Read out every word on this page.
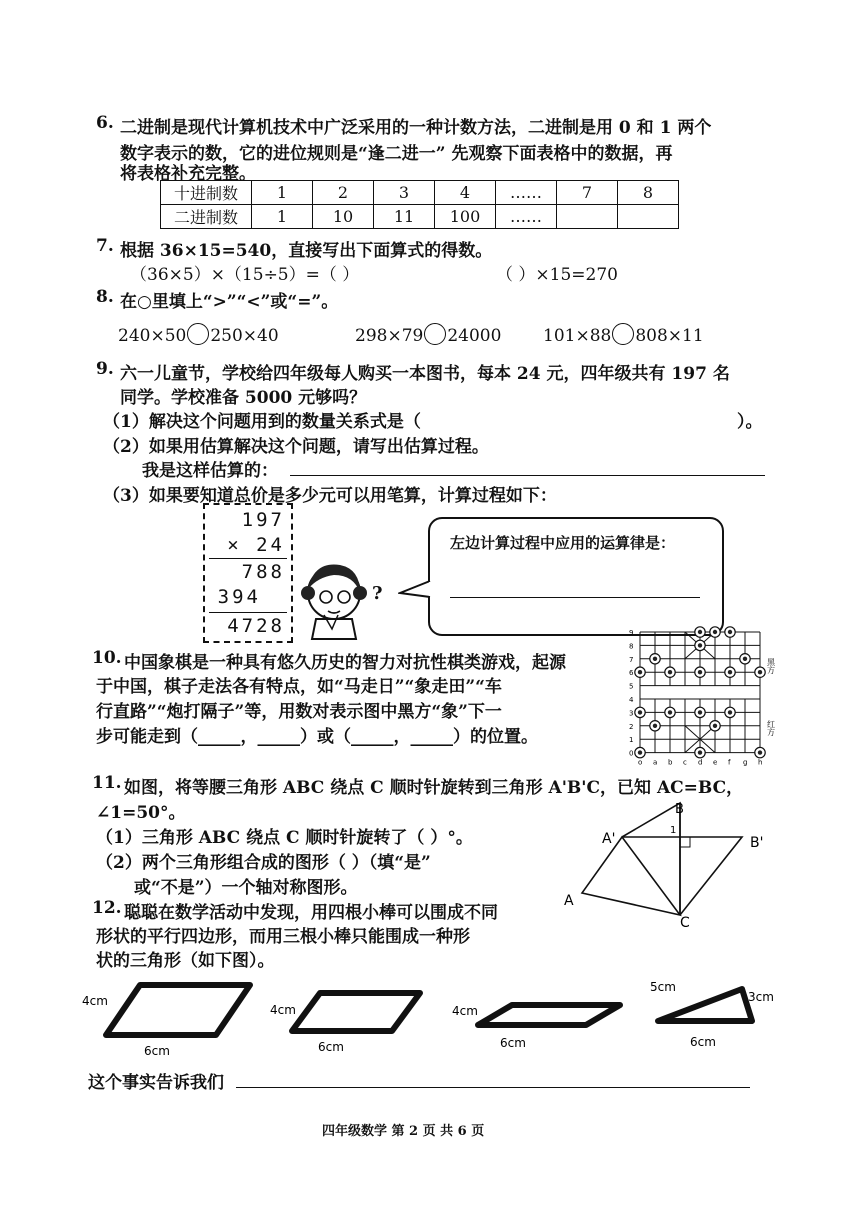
6. 二进制是现代计算机技术中广泛采用的一种计数方法，二进制是用 0 和 1 两个
数字表示的数，它的进位规则是“逢二进一” 先观察下面表格中的数据，再
将表格补充完整。
十进制数	1	2	3	4	……	7	8
二进制数	1	10	11	100	……		
7. 根据 36×15=540，直接写出下面算式的得数。
（36×5）×（15÷5）=（ ）	（ ）×15=270
8. 在○里填上“>”“<”或“=”。
240×50 250×40	298×79 24000 101×88 808×11
9. 六一儿童节，学校给四年级每人购买一本图书，每本 24 元，四年级共有 197 名
同学。学校准备 5000 元够吗？
（1）解决这个问题用到的数量关系式是（	）。
（2）如果用估算解决这个问题，请写出估算过程。
我是这样估算的：
（3）如果要知道总价是多少元可以用笔算，计算过程如下：
197
× 24
788
394
4728
?
左边计算过程中应用的运算律是：
10. 中国象棋是一种具有悠久历史的智力对抗性棋类游戏，起源
于中国，棋子走法各有特点，如“马走日”“象走田”“车
行直路”“炮打隔子”等，用数对表示图中黑方“象”下一
步可能走到（_____，_____）或（_____，_____）的位置。
9
8
7
6
5
4
3
2
1
0
o a b c d e f g h
黑方
红方
11. 如图，将等腰三角形 ABC 绕点 C 顺时针旋转到三角形 A'B'C，已知 AC=BC，
∠1=50°。
（1）三角形 ABC 绕点 C 顺时针旋转了（ ）°。
（2）两个三角形组合成的图形（ ）（填“是”
或“不是”）一个轴对称图形。
A
B
C
A'	B'
1
12. 聪聪在数学活动中发现，用四根小棒可以围成不同
形状的平行四边形，而用三根小棒只能围成一种形
状的三角形（如下图）。
4cm
6cm
4cm
6cm
4cm
6cm
5cm
3cm
6cm
这个事实告诉我们
四年级数学 第 2 页 共 6 页
